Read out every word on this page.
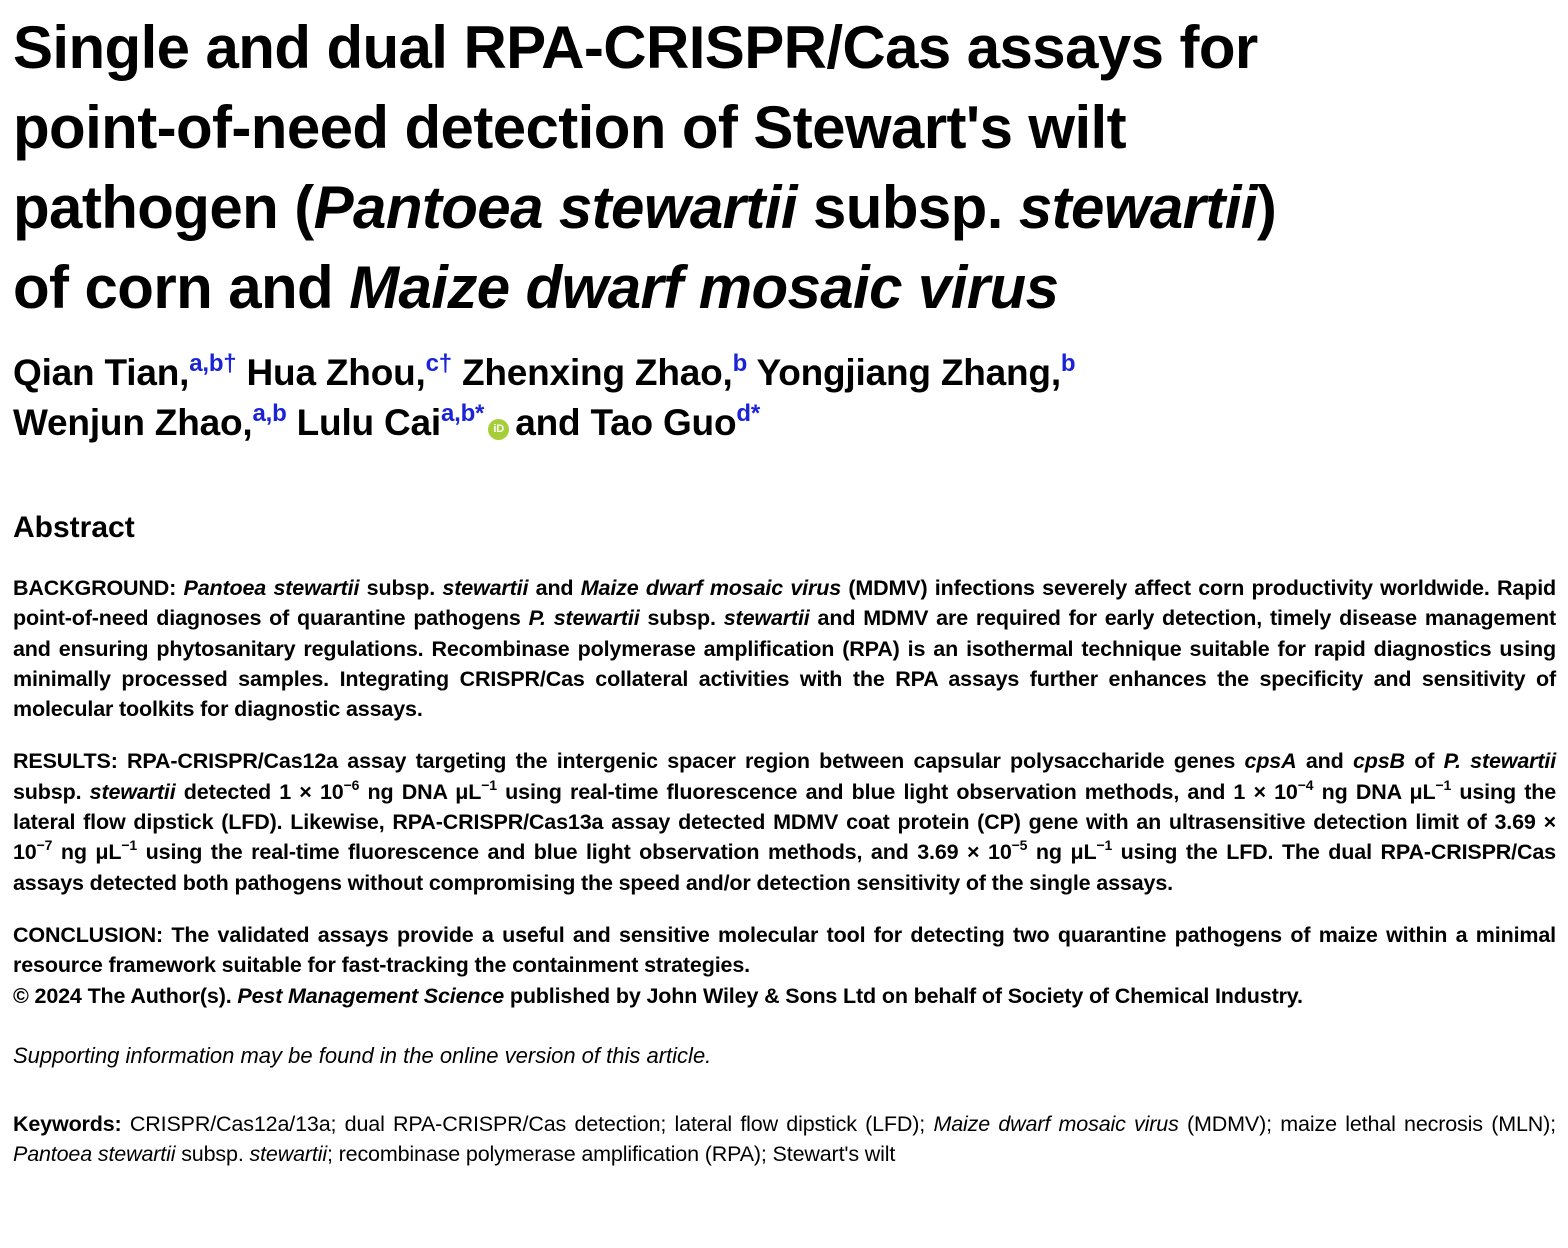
Single and dual RPA-CRISPR/Cas assays for
point-of-need detection of Stewart's wilt
pathogen (Pantoea stewartii subsp. stewartii)
of corn and Maize dwarf mosaic virus
Qian Tian,$^{a,b\dagger}$ Hua Zhou,$^{c\dagger}$ Zhenxing Zhao,$^b$ Yongjiang Zhang,$^b$
Wenjun Zhao,$^{a,b}$ Lulu Cai$^{a,b*}$iD and Tao Guo$^{d*}$
Abstract

BACKGROUND: Pantoea stewartii subsp. stewartii and Maize dwarf mosaic virus (MDMV) infections severely affect corn productivity worldwide. Rapid point-of-need diagnoses of quarantine pathogens P. stewartii subsp. stewartii and MDMV are required for early detection, timely disease management and ensuring phytosanitary regulations. Recombinase polymerase amplification (RPA) is an isothermal technique suitable for rapid diagnostics using minimally processed samples. Integrating CRISPR/Cas collateral activities with the RPA assays further enhances the specificity and sensitivity of molecular toolkits for diagnostic assays.

RESULTS: RPA-CRISPR/Cas12a assay targeting the intergenic spacer region between capsular polysaccharide genes cpsA and cpsB of P. stewartii subsp. stewartii detected $1 \times 10^{-6}$ ng DNA $\mu L^{-1}$ using real-time fluorescence and blue light observation methods, and $1 \times 10^{-4}$ ng DNA $\mu L^{-1}$ using the lateral flow dipstick (LFD). Likewise, RPA-CRISPR/Cas13a assay detected MDMV coat protein (CP) gene with an ultrasensitive detection limit of $3.69 \times 10^{-7}$ ng $\mu L^{-1}$ using the real-time fluorescence and blue light observation methods, and $3.69 \times 10^{-5}$ ng $\mu L^{-1}$ using the LFD. The dual RPA-CRISPR/Cas assays detected both pathogens without compromising the speed and/or detection sensitivity of the single assays.

CONCLUSION: The validated assays provide a useful and sensitive molecular tool for detecting two quarantine pathogens of maize within a minimal resource framework suitable for fast-tracking the containment strategies.
© 2024 The Author(s). Pest Management Science published by John Wiley & Sons Ltd on behalf of Society of Chemical Industry.

Supporting information may be found in the online version of this article.

Keywords: CRISPR/Cas12a/13a; dual RPA-CRISPR/Cas detection; lateral flow dipstick (LFD); Maize dwarf mosaic virus (MDMV); maize lethal necrosis (MLN); Pantoea stewartii subsp. stewartii; recombinase polymerase amplification (RPA); Stewart's wilt
